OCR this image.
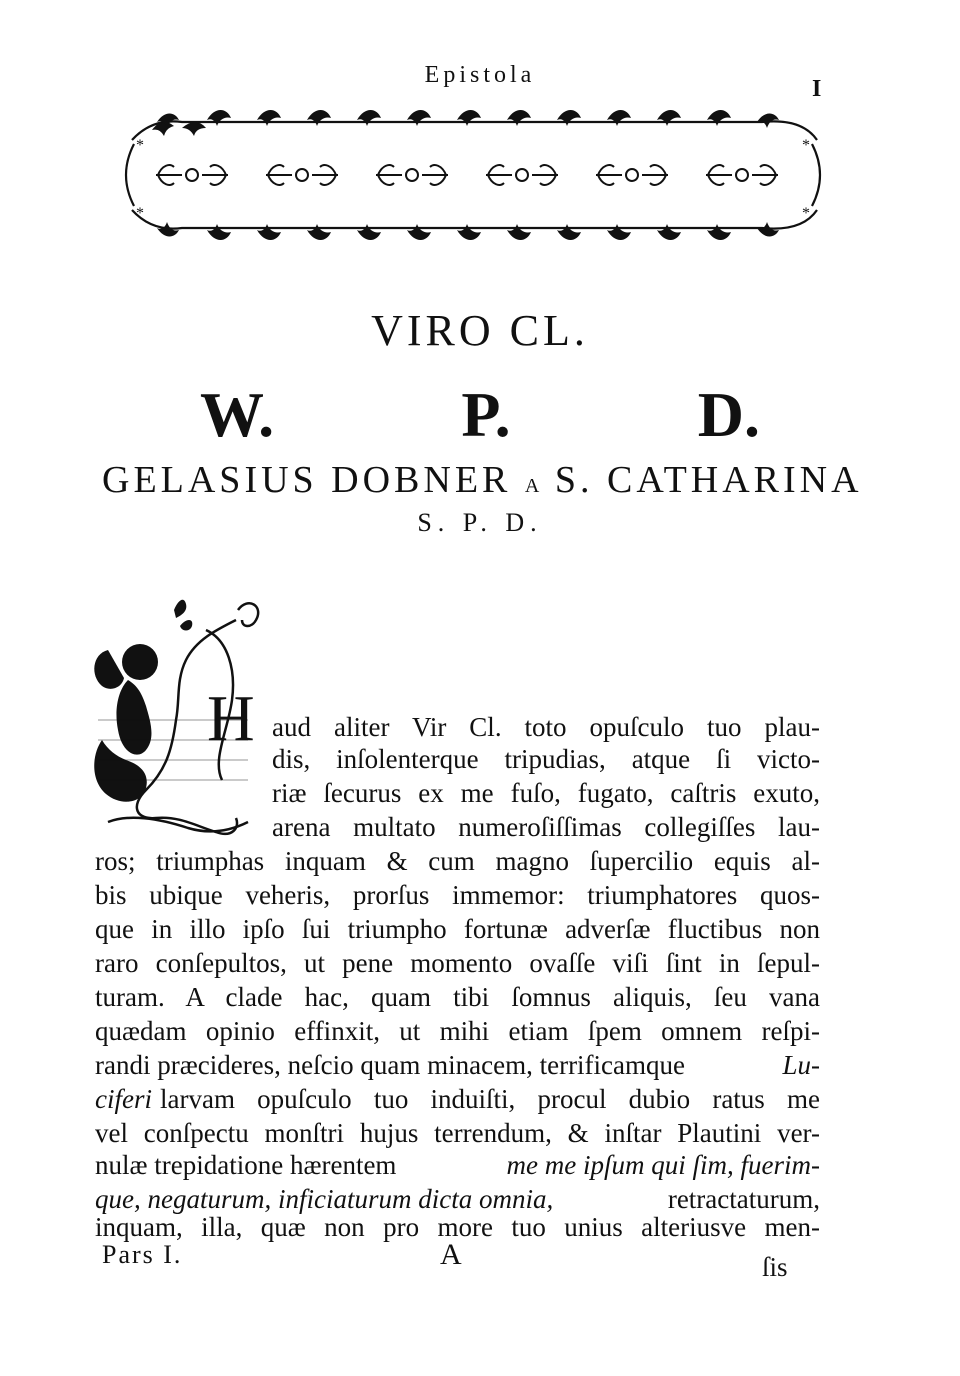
Epistola
I
*	*
*	*
VIRO CL.
W.	P.	D.
GELASIUS DOBNER A S. CATHARINA
S. P. D.
H aud aliter Vir Cl. toto opuſculo tuo plau-
dis, inſolenterque tripudias, atque ſi victo-
riæ ſecurus ex me fuſo, fugato, caſtris exuto,
arena multato numeroſiſſimas collegiſſes lau-
ros; triumphas inquam & cum magno ſupercilio equis al-
bis ubique veheris, prorſus immemor: triumphatores quos-
que in illo ipſo ſui triumpho fortunæ adverſæ fluctibus non
raro conſepultos, ut pene momento ovaſſe viſi ſint in ſepul-
turam. A clade hac, quam tibi ſomnus aliquis, ſeu vana
quædam opinio effinxit, ut mihi etiam ſpem omnem reſpi-
randi præcideres, neſcio quam minacem, terrificamque	Lu-
ciferi larvam opuſculo tuo induiſti, procul dubio ratus me
vel conſpectu monſtri hujus terrendum, & inſtar Plautini ver-
nulæ trepidatione hærentem	me me ipſum qui ſim, fuerim-
que, negaturum, inficiaturum dicta omnia,	retractaturum,
inquam, illa, quæ non pro more tuo unius alteriusve men-
Pars I.	A	ſis
